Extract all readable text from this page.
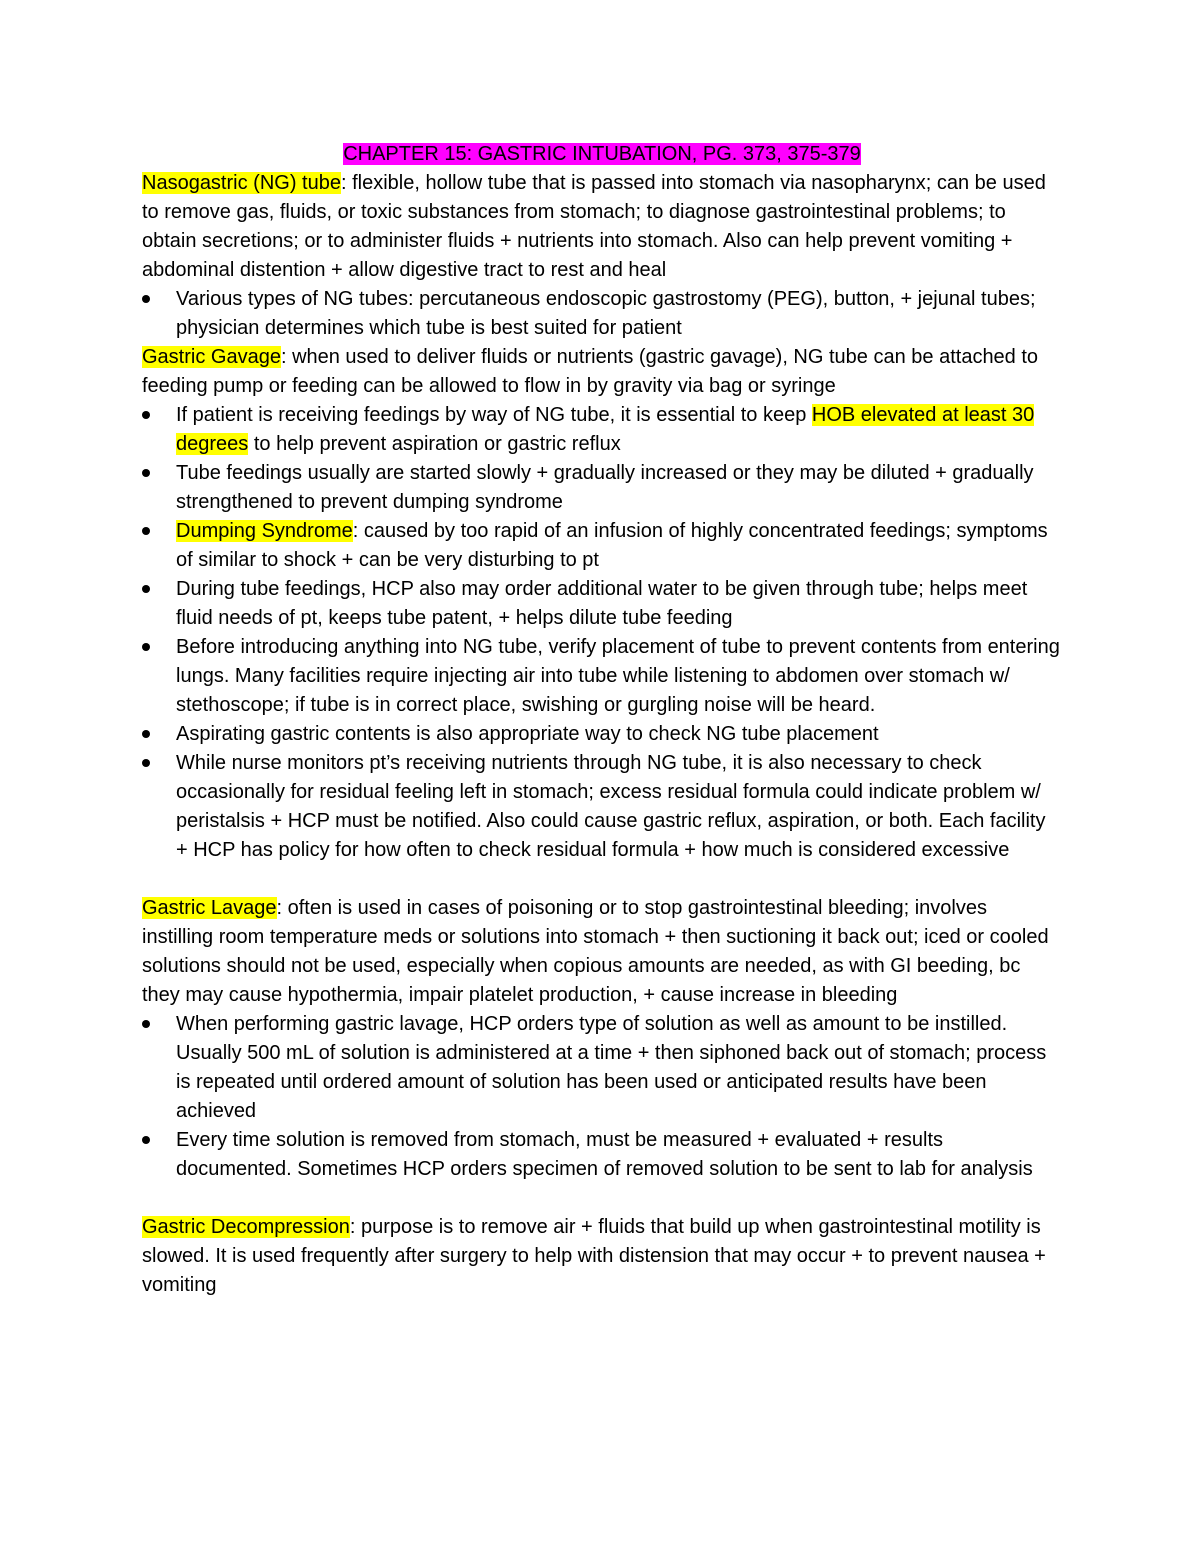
CHAPTER 15: GASTRIC INTUBATION, PG. 373, 375-379

Nasogastric (NG) tube: flexible, hollow tube that is passed into stomach via nasopharynx; can be used to remove gas, fluids, or toxic substances from stomach; to diagnose gastrointestinal problems; to obtain secretions; or to administer fluids + nutrients into stomach. Also can help prevent vomiting + abdominal distention + allow digestive tract to rest and heal

Various types of NG tubes: percutaneous endoscopic gastrostomy (PEG), button, + jejunal tubes; physician determines which tube is best suited for patient

Gastric Gavage: when used to deliver fluids or nutrients (gastric gavage), NG tube can be attached to feeding pump or feeding can be allowed to flow in by gravity via bag or syringe

If patient is receiving feedings by way of NG tube, it is essential to keep HOB elevated at least 30 degrees to help prevent aspiration or gastric reflux
Tube feedings usually are started slowly + gradually increased or they may be diluted + gradually strengthened to prevent dumping syndrome
Dumping Syndrome: caused by too rapid of an infusion of highly concentrated feedings; symptoms of similar to shock + can be very disturbing to pt
During tube feedings, HCP also may order additional water to be given through tube; helps meet fluid needs of pt, keeps tube patent, + helps dilute tube feeding
Before introducing anything into NG tube, verify placement of tube to prevent contents from entering lungs. Many facilities require injecting air into tube while listening to abdomen over stomach w/ stethoscope; if tube is in correct place, swishing or gurgling noise will be heard.
Aspirating gastric contents is also appropriate way to check NG tube placement
While nurse monitors pt’s receiving nutrients through NG tube, it is also necessary to check occasionally for residual feeling left in stomach; excess residual formula could indicate problem w/ peristalsis + HCP must be notified. Also could cause gastric reflux, aspiration, or both. Each facility + HCP has policy for how often to check residual formula + how much is considered excessive

Gastric Lavage: often is used in cases of poisoning or to stop gastrointestinal bleeding; involves instilling room temperature meds or solutions into stomach + then suctioning it back out; iced or cooled solutions should not be used, especially when copious amounts are needed, as with GI beeding, bc they may cause hypothermia, impair platelet production, + cause increase in bleeding

When performing gastric lavage, HCP orders type of solution as well as amount to be instilled. Usually 500 mL of solution is administered at a time + then siphoned back out of stomach; process is repeated until ordered amount of solution has been used or anticipated results have been achieved
Every time solution is removed from stomach, must be measured + evaluated + results documented. Sometimes HCP orders specimen of removed solution to be sent to lab for analysis

Gastric Decompression: purpose is to remove air + fluids that build up when gastrointestinal motility is slowed. It is used frequently after surgery to help with distension that may occur + to prevent nausea + vomiting
